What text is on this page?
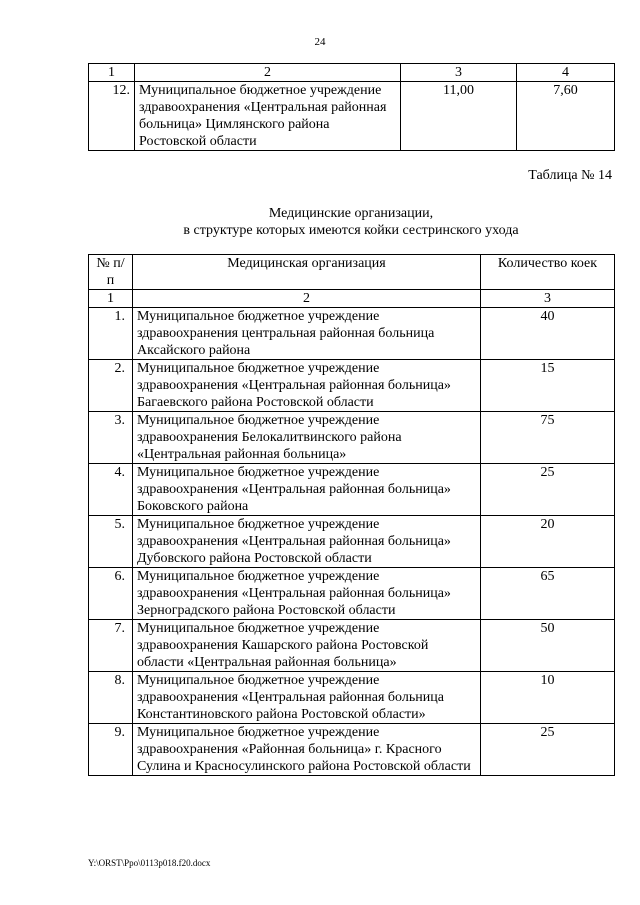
24
1	2	3	4
12.	Муниципальное бюджетное учреждение здравоохранения «Центральная районная больница» Цимлянского района Ростовской области	11,00	7,60
Таблица № 14
Медицинские организации,
в структуре которых имеются койки сестринского ухода
№ п/п	Медицинская организация	Количество коек
1	2	3
1.	Муниципальное бюджетное учреждение здравоохранения центральная районная больница Аксайского района	40
2.	Муниципальное бюджетное учреждение здравоохранения «Центральная районная больница» Багаевского района Ростовской области	15
3.	Муниципальное бюджетное учреждение здравоохранения Белокалитвинского района «Центральная районная больница»	75
4.	Муниципальное бюджетное учреждение здравоохранения «Центральная районная больница» Боковского района	25
5.	Муниципальное бюджетное учреждение здравоохранения «Центральная районная больница» Дубовского района Ростовской области	20
6.	Муниципальное бюджетное учреждение здравоохранения «Центральная районная больница» Зерноградского района Ростовской области	65
7.	Муниципальное бюджетное учреждение здравоохранения Кашарского района Ростовской области «Центральная районная больница»	50
8.	Муниципальное бюджетное учреждение здравоохранения «Центральная районная больница Константиновского района Ростовской области»	10
9.	Муниципальное бюджетное учреждение здравоохранения «Районная больница» г. Красного Сулина и Красносулинского района Ростовской области	25
Y:\ORST\Ppo\0113p018.f20.docx
